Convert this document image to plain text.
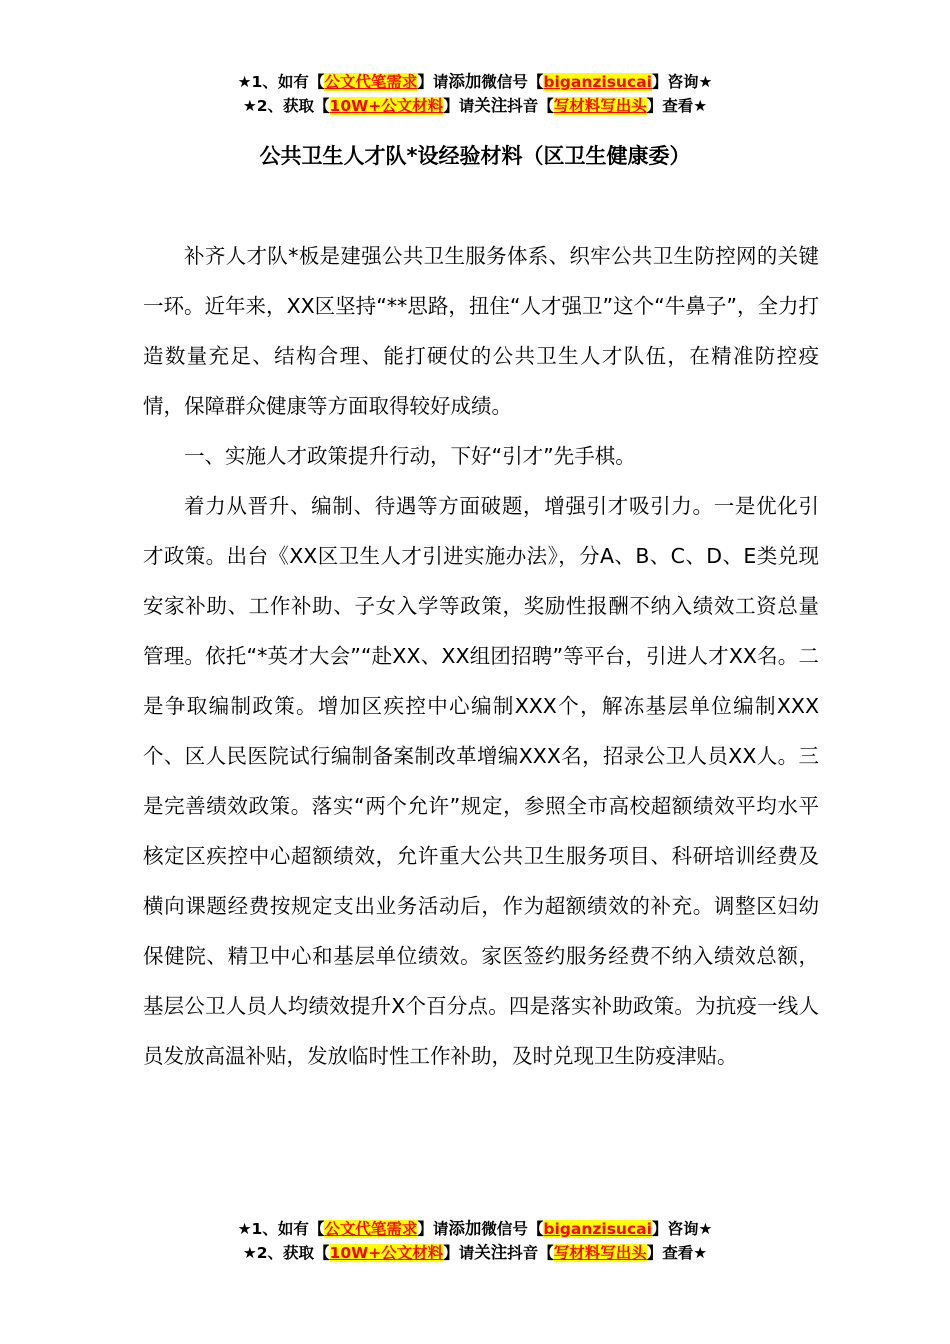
★1、如有【公文代笔需求】请添加微信号【biganzisucai】咨询★
★2、获取【10W+公文材料】请关注抖音【写材料写出头】查看★
公共卫生人才队*设经验材料（区卫生健康委）

补齐人才队*板是建强公共卫生服务体系、织牢公共卫生防控网的关键一环。近年来，XX区坚持“**思路，扭住“人才强卫”这个“牛鼻子”，全力打造数量充足、结构合理、能打硬仗的公共卫生人才队伍，在精准防控疫情，保障群众健康等方面取得较好成绩。

一、实施人才政策提升行动，下好“引才”先手棋。

着力从晋升、编制、待遇等方面破题，增强引才吸引力。一是优化引才政策。出台《XX区卫生人才引进实施办法》，分A、B、C、D、E类兑现安家补助、工作补助、子女入学等政策，奖励性报酬不纳入绩效工资总量管理。依托“*英才大会”“赴XX、XX组团招聘”等平台，引进人才XX名。二是争取编制政策。增加区疾控中心编制XXX个，解冻基层单位编制XXX个、区人民医院试行编制备案制改革增编XXX名，招录公卫人员XX人。三是完善绩效政策。落实“两个允许”规定，参照全市高校超额绩效平均水平核定区疾控中心超额绩效，允许重大公共卫生服务项目、科研培训经费及横向课题经费按规定支出业务活动后，作为超额绩效的补充。调整区妇幼保健院、精卫中心和基层单位绩效。家医签约服务经费不纳入绩效总额，基层公卫人员人均绩效提升X个百分点。四是落实补助政策。为抗疫一线人员发放高温补贴，发放临时性工作补助，及时兑现卫生防疫津贴。

★1、如有【公文代笔需求】请添加微信号【biganzisucai】咨询★
★2、获取【10W+公文材料】请关注抖音【写材料写出头】查看★
